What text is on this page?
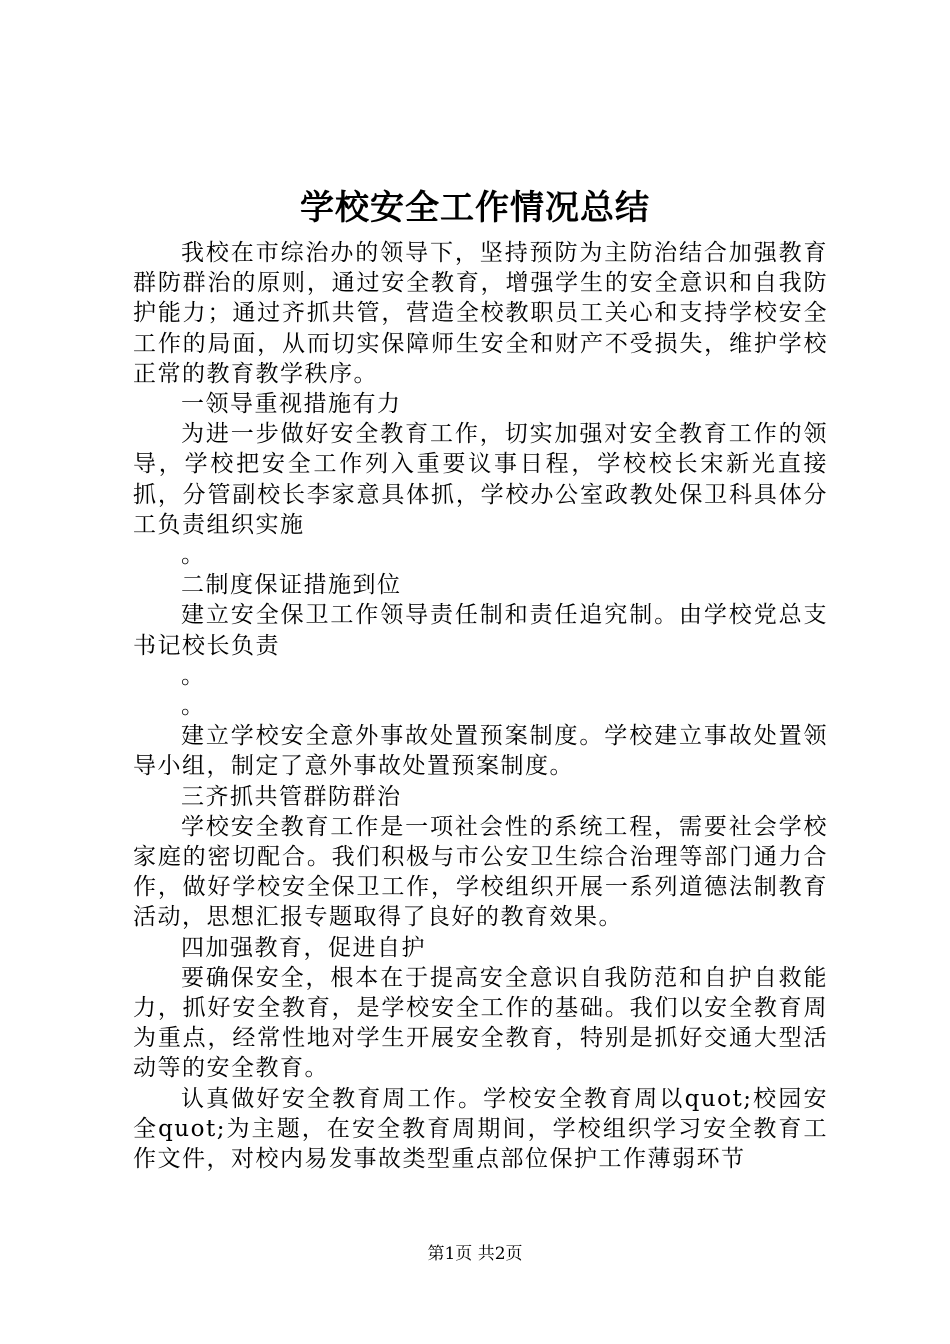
学校安全工作情况总结

我校在市综治办的领导下，坚持预防为主防治结合加强教育群防群治的原则，通过安全教育，增强学生的安全意识和自我防护能力；通过齐抓共管，营造全校教职员工关心和支持学校安全工作的局面，从而切实保障师生安全和财产不受损失，维护学校正常的教育教学秩序。

一领导重视措施有力

为进一步做好安全教育工作，切实加强对安全教育工作的领导，学校把安全工作列入重要议事日程，学校校长宋新光直接抓，分管副校长李家意具体抓，学校办公室政教处保卫科具体分工负责组织实施

。

二制度保证措施到位

建立安全保卫工作领导责任制和责任追究制。由学校党总支书记校长负责

。

。

建立学校安全意外事故处置预案制度。学校建立事故处置领导小组，制定了意外事故处置预案制度。

三齐抓共管群防群治

学校安全教育工作是一项社会性的系统工程，需要社会学校家庭的密切配合。我们积极与市公安卫生综合治理等部门通力合作，做好学校安全保卫工作，学校组织开展一系列道德法制教育活动，思想汇报专题取得了良好的教育效果。

四加强教育，促进自护

要确保安全，根本在于提高安全意识自我防范和自护自救能力，抓好安全教育，是学校安全工作的基础。我们以安全教育周为重点，经常性地对学生开展安全教育，特别是抓好交通大型活动等的安全教育。

认真做好安全教育周工作。学校安全教育周以quot;校园安全quot;为主题，在安全教育周期间，学校组织学习安全教育工作文件，对校内易发事故类型重点部位保护工作薄弱环节

第1页 共2页
